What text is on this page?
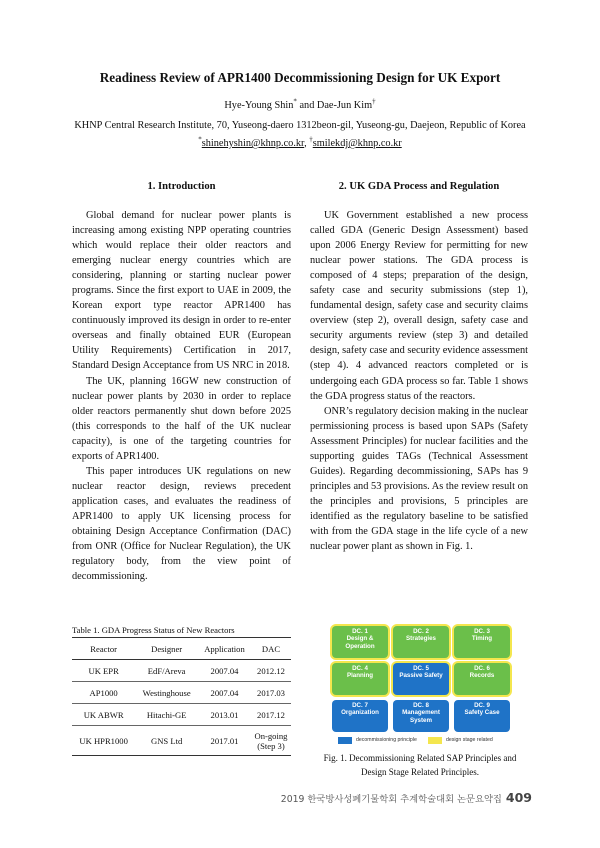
Readiness Review of APR1400 Decommissioning Design for UK Export
Hye-Young Shin* and Dae-Jun Kim†
KHNP Central Research Institute, 70, Yuseong-daero 1312beon-gil, Yuseong-gu, Daejeon, Republic of Korea
*shinehyshin@khnp.co.kr, †smilekdj@khnp.co.kr
1. Introduction	2. UK GDA Process and Regulation

Global demand for nuclear power plants is increasing among existing NPP operating countries which would replace their older reactors and emerging nuclear energy countries which are considering, planning or starting nuclear power programs. Since the first export to UAE in 2009, the Korean export type reactor APR1400 has continuously improved its design in order to re-enter overseas and finally obtained EUR (European Utility Requirements) Certification in 2017, Standard Design Acceptance from US NRC in 2018.

The UK, planning 16GW new construction of nuclear power plants by 2030 in order to replace older reactors permanently shut down before 2025 (this corresponds to the half of the UK nuclear capacity), is one of the targeting countries for exports of APR1400.

This paper introduces UK regulations on new nuclear reactor design, reviews precedent application cases, and evaluates the readiness of APR1400 to apply UK licensing process for obtaining Design Acceptance Confirmation (DAC) from ONR (Office for Nuclear Regulation), the UK regulatory body, from the view point of decommissioning.

UK Government established a new process called GDA (Generic Design Assessment) based upon 2006 Energy Review for permitting for new nuclear power stations. The GDA process is composed of 4 steps; preparation of the design, safety case and security submissions (step 1), fundamental design, safety case and security claims overview (step 2), overall design, safety case and security arguments review (step 3) and detailed design, safety case and security evidence assessment (step 4). 4 advanced reactors completed or is undergoing each GDA process so far. Table 1 shows the GDA progress status of the reactors.

ONR’s regulatory decision making in the nuclear permissioning process is based upon SAPs (Safety Assessment Principles) for nuclear facilities and the supporting guides TAGs (Technical Assessment Guides). Regarding decommissioning, SAPs has 9 principles and 53 provisions. As the review result on the principles and provisions, 5 principles are identified as the regulatory baseline to be satisfied with from the GDA stage in the life cycle of a new nuclear power plant as shown in Fig. 1.

Table 1. GDA Progress Status of New Reactors
Reactor	Designer	Application	DAC
UK EPR	EdF/Areva	2007.04	2012.12
AP1000	Westinghouse	2007.04	2017.03
UK ABWR	Hitachi-GE	2013.01	2017.12
UK HPR1000	GNS Ltd	2017.01	On-going (Step 3)
DC. 1
Design & Operation
DC. 2
Strategies
DC. 3
Timing
DC. 4
Planning
DC. 5
Passive Safety
DC. 6
Records
DC. 7
Organization
DC. 8
Management System
DC. 9
Safety Case
decommissioning principle	design stage related
Fig. 1. Decommissioning Related SAP Principles and
Design Stage Related Principles.
2019 한국방사성폐기물학회 추계학술대회 논문요약집 409
